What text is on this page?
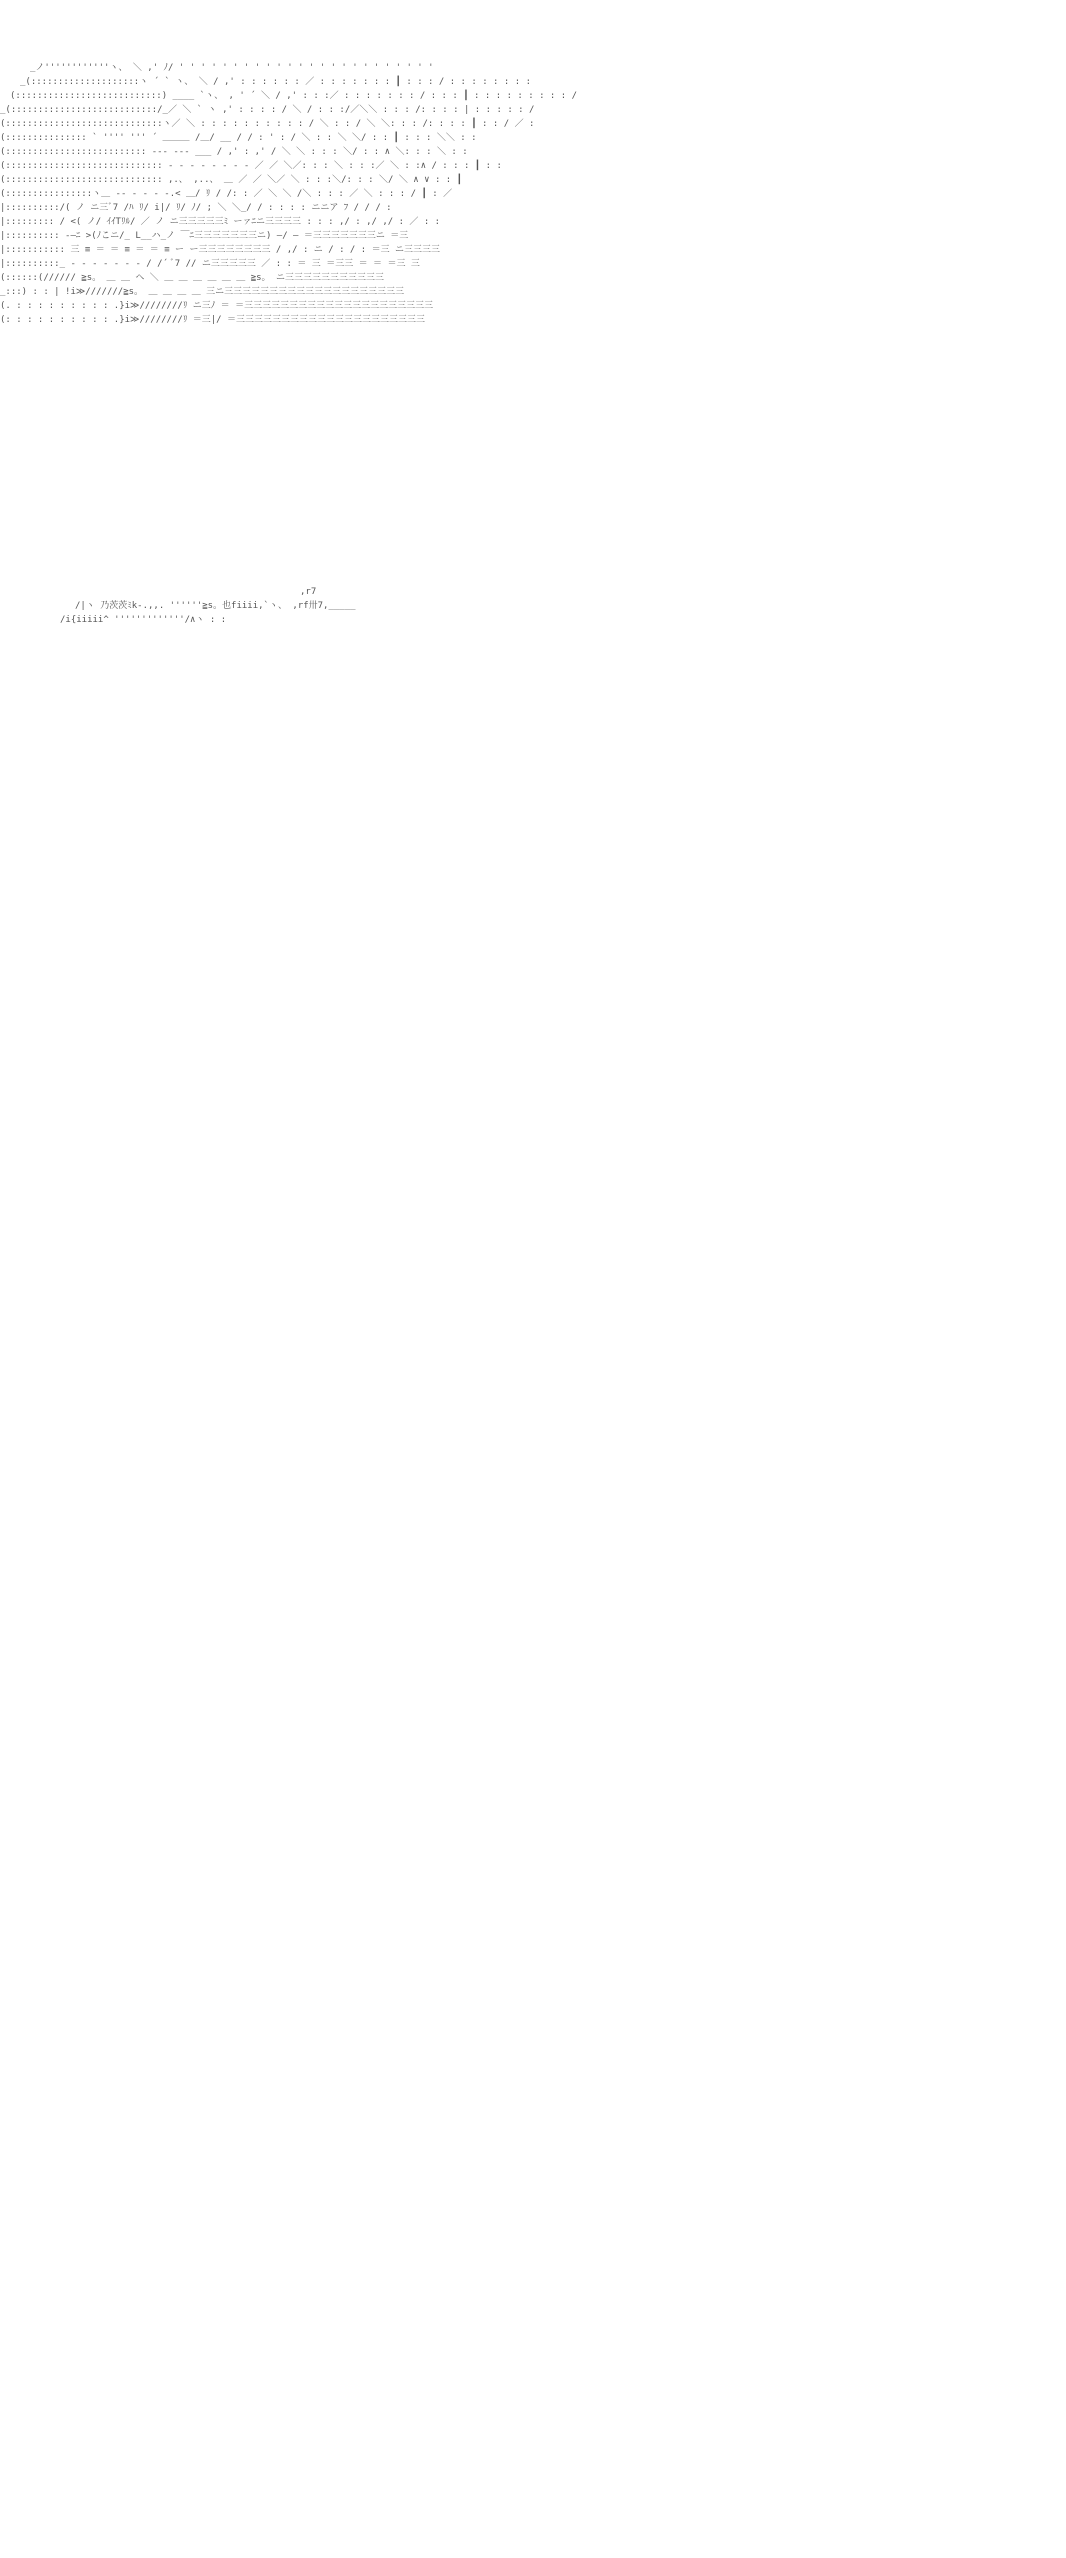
_ノ''''''''''''ヽ、 ＼ ,' ﾉ/ ' ' ' ' ' ' ' ' ' ' ' ' ' ' ' ' ' ' ' ' ' ' ' '
_(::::::::::::::::::::ヽ ´ ` ヽ、 ＼ / ,' : : : : : : ／ : : : : : : : ┃ : : : / : : : : : : : :
(:::::::::::::::::::::::::::) ____ `ヽ、 , ' ´ ＼ / ,' : : :／ : : : : : : : / : : : ┃ : : : : : : : : : /
_(:::::::::::::::::::::::::::/_／ ＼ ` ヽ ,' : : : : / ＼ / : : :/／＼＼ : : : /: : : : | : : : : : /
(:::::::::::::::::::::::::::::ヽ／ ＼ : : : : : : : : : : / ＼ : : / ＼ ＼: : : /: : : : ┃ : : / ／ :
(::::::::::::::: ` '''' ''' ´ ＿＿＿ /＿/ __ / / : ' : / ＼ : : ＼ ＼/ : : ┃ : : : ＼＼ : :
(:::::::::::::::::::::::::: --- ‐‐‐ ___ / ,' : ,' / ＼ ＼ : : : ＼/ : : ∧ ＼: : : ＼ : :
(::::::::::::::::::::::::::::: - - - - - - - - ／ ／ ＼／: : : ＼ : : :／ ＼ : :∧ / : : : ┃ : :
(::::::::::::::::::::::::::::: ,.、 ,..、 ＿ ／ ／ ＼／ ＼ : : :＼/: : : ＼/ ＼ ∧ ∨ : : ┃
(::::::::::::::::ヽ＿ -- - - - -.< ＿/ ﾘ / /: : ／ ＼ ＼ /＼ : : : ／ ＼ : : : / ┃ : ／
|::::::::::/( ノ ニ三ﾞ7 /ﾊ ﾘ/ i|/ ﾘ/ ﾉ/ ; ＼ ＼_/ / : : : : ニニア ﾌ / / / :
|::::::::: / <( ノ/ ｲｲTﾘﾙ/ ／ ノ ニ三三三三三ﾐ ーァﾆニ三三三三 : : : ,/ : ,/ ,/ : ／ : :
|:::::::::: -―ﾆ >(ﾉこニ/_ L__ハ_ノ ￣ﾆ三三三三三三三ニ) ―/ ― ＝三三三三三三三ニ ＝三
|::::::::::: 三 ≡ ＝ ＝ ≡ ＝ ＝ ≡ ー ー三三三三三三三三 / ,/ : ニ / : / : ＝三 ニ三三三三
|::::::::::_ - - - - - - - / /´ ﾞ7 // ニ三三三三三 ／ : : ＝ 三 ＝三三 ＝ ＝ ＝三 三
(::::::(////// ≧s。 ＿ ＿ ヘ ＼ ＿ ＿ ＿ ＿ ＿ ＿ ≧s。 ニ三三三三三三三三三三三
_:::) : : | !i≫///////≧s。 ＿ ＿ ＿ ＿ 三ニ三三三三三三三三三三三三三三三三三三三三
(. : : : : : : : : : .}i≫////////ﾘ ニ三ﾉ ＝ ＝三三三三三三三三三三三三三三三三三三三三三
(: : : : : : : : : : .}i≫////////ﾘ ＝三|/ ＝三三三三三三三三三三三三三三三三三三三三三
,r7
/|ヽ 乃茨茨ﾐk-.,,. ''''''≧s。也fiiii,`ヽ、 ,rf卅7,_____
/i{iiiii^ '''''''''''''/∧ヽ : :
